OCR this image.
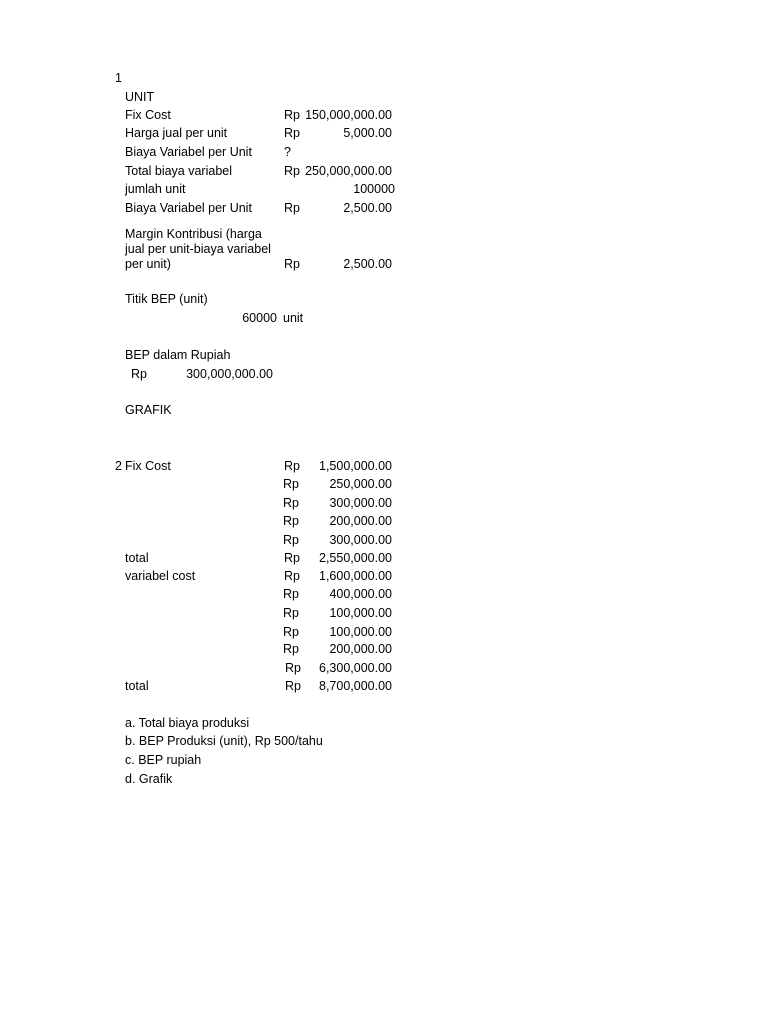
1
UNIT
Fix Cost	Rp 150,000,000.00
Harga jual per unit	Rp	5,000.00
Biaya Variabel per Unit	?
Total biaya variabel	Rp 250,000,000.00
jumlah unit	100000
Biaya Variabel per Unit	Rp	2,500.00
Margin Kontribusi (harga
jual per unit-biaya variabel
per unit)	Rp	2,500.00
Titik BEP (unit)
60000 unit
BEP dalam Rupiah
Rp	300,000,000.00
GRAFIK
2 Fix Cost	Rp	1,500,000.00
Rp	250,000.00
Rp	300,000.00
Rp	200,000.00
Rp	300,000.00
total	Rp	2,550,000.00
variabel cost	Rp	1,600,000.00
Rp	400,000.00
Rp	100,000.00
Rp	100,000.00
Rp	200,000.00
Rp	6,300,000.00
total	Rp	8,700,000.00
a. Total biaya produksi
b. BEP Produksi (unit), Rp 500/tahu
c. BEP rupiah
d. Grafik
